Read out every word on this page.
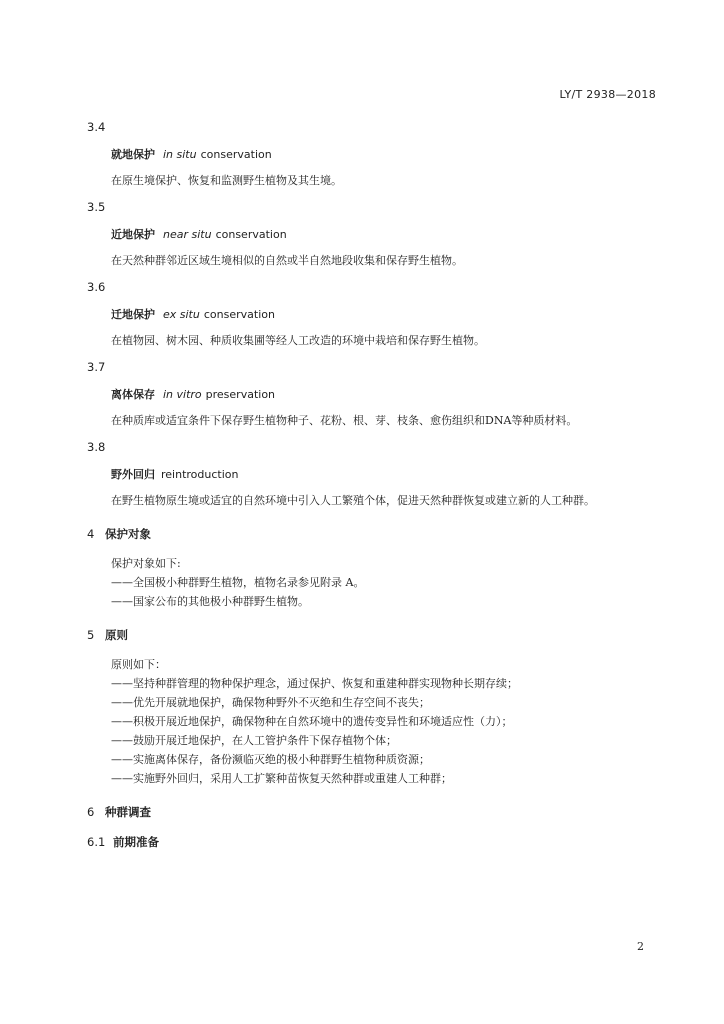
LY/T 2938—2018
3.4
就地保护 in situ conservation
在原生境保护、恢复和监测野生植物及其生境。
3.5
近地保护 near situ conservation
在天然种群邻近区域生境相似的自然或半自然地段收集和保存野生植物。
3.6
迁地保护 ex situ conservation
在植物园、树木园、种质收集圃等经人工改造的环境中栽培和保存野生植物。
3.7
离体保存 in vitro preservation
在种质库或适宜条件下保存野生植物种子、花粉、根、芽、枝条、愈伤组织和DNA等种质材料。
3.8
野外回归 reintroduction
在野生植物原生境或适宜的自然环境中引入人工繁殖个体，促进天然种群恢复或建立新的人工种群。
4 保护对象
保护对象如下:
——全国极小种群野生植物，植物名录参见附录 A。
——国家公布的其他极小种群野生植物。
5 原则
原则如下：
——坚持种群管理的物种保护理念，通过保护、恢复和重建种群实现物种长期存续；
——优先开展就地保护，确保物种野外不灭绝和生存空间不丧失；
——积极开展近地保护，确保物种在自然环境中的遗传变异性和环境适应性（力）；
——鼓励开展迁地保护，在人工管护条件下保存植物个体；
——实施离体保存，备份濒临灭绝的极小种群野生植物种质资源；
——实施野外回归，采用人工扩繁种苗恢复天然种群或重建人工种群；
6 种群调查
6.1 前期准备
2
